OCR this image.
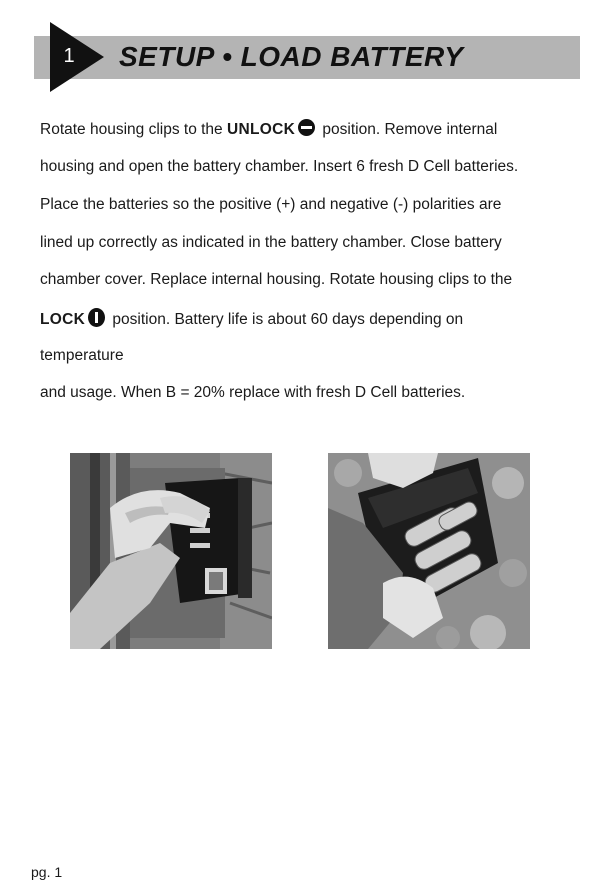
1 SETUP • LOAD BATTERY
Rotate housing clips to the UNLOCK position. Remove internal
housing and open the battery chamber. Insert 6 fresh D Cell batteries.
Place the batteries so the positive (+) and negative (-) polarities are
lined up correctly as indicated in the battery chamber. Close battery
chamber cover. Replace internal housing. Rotate housing clips to the
LOCK position. Battery life is about 60 days depending on
temperature
and usage. When B = 20% replace with fresh D Cell batteries.
pg. 1
